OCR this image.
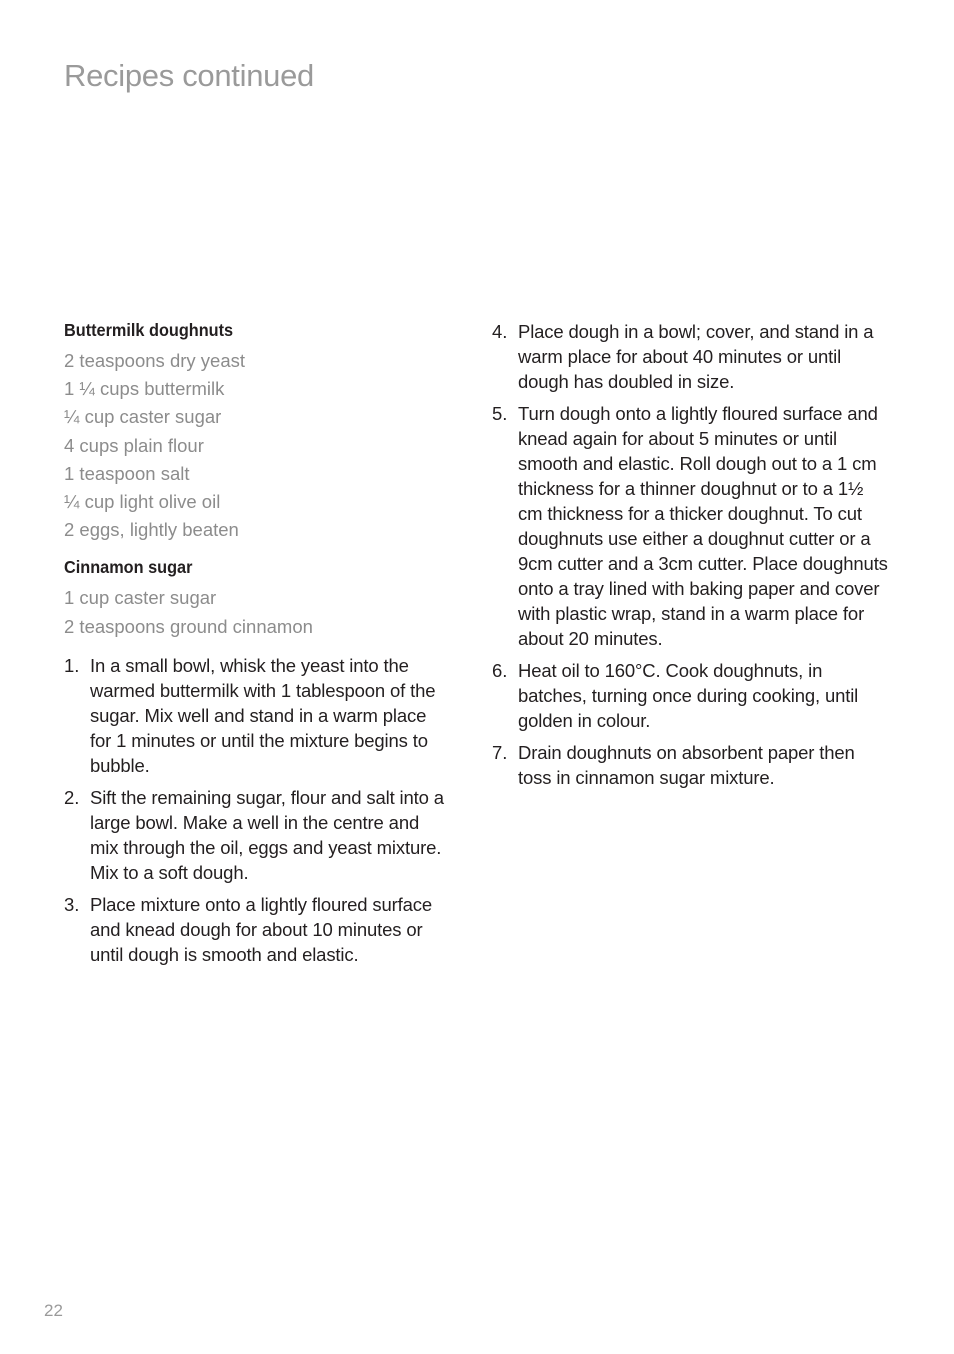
Recipes continued
Buttermilk doughnuts
2 teaspoons dry yeast
1 ¼ cups buttermilk
¼ cup caster sugar
4 cups plain flour
1 teaspoon salt
¼ cup light olive oil
2 eggs, lightly beaten
Cinnamon sugar
1 cup caster sugar
2 teaspoons ground cinnamon
1. In a small bowl, whisk the yeast into the warmed buttermilk with 1 tablespoon of the sugar. Mix well and stand in a warm place for 1 minutes or until the mixture begins to bubble.
2. Sift the remaining sugar, flour and salt into a large bowl. Make a well in the centre and mix through the oil, eggs and yeast mixture. Mix to a soft dough.
3. Place mixture onto a lightly floured surface and knead dough for about 10 minutes or until dough is smooth and elastic.
4. Place dough in a bowl; cover, and stand in a warm place for about 40 minutes or until dough has doubled in size.
5. Turn dough onto a lightly floured surface and knead again for about 5 minutes or until smooth and elastic. Roll dough out to a 1 cm thickness for a thinner doughnut or to a 1½ cm thickness for a thicker doughnut. To cut doughnuts use either a doughnut cutter or a 9cm cutter and a 3cm cutter. Place doughnuts onto a tray lined with baking paper and cover with plastic wrap, stand in a warm place for about 20 minutes.
6. Heat oil to 160°C. Cook doughnuts, in batches, turning once during cooking, until golden in colour.
7. Drain doughnuts on absorbent paper then toss in cinnamon sugar mixture.
22
